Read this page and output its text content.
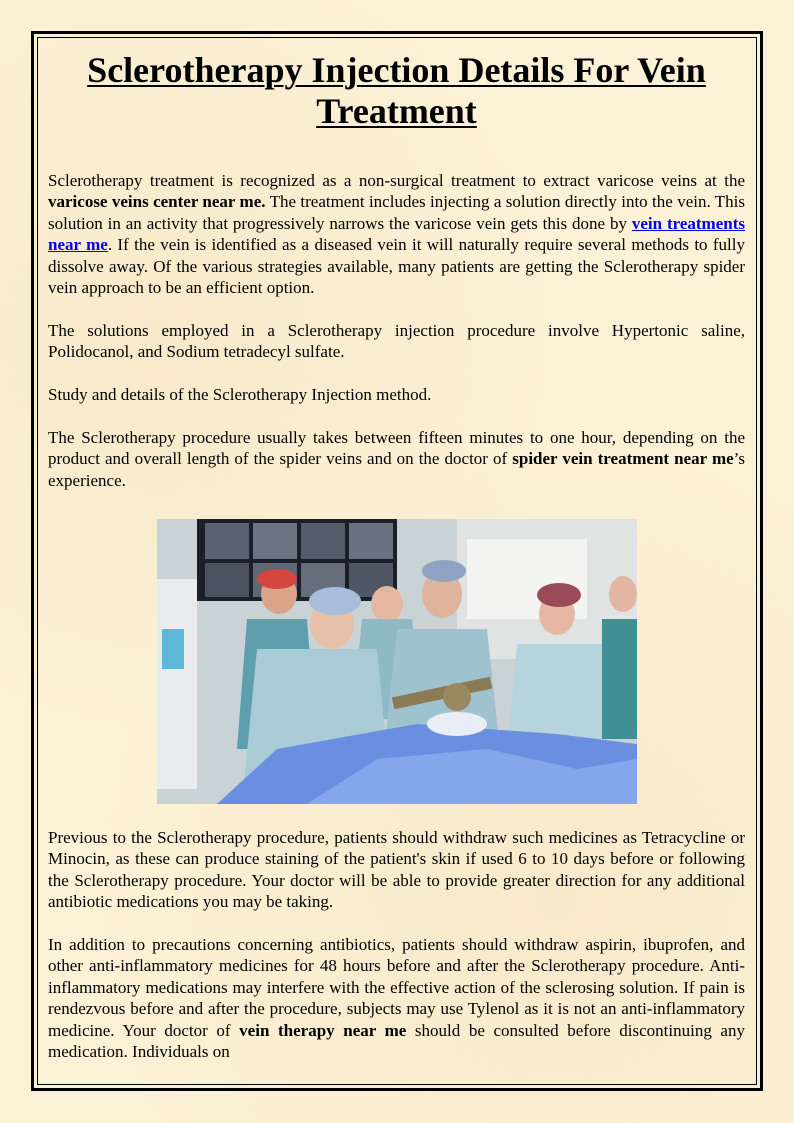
Sclerotherapy Injection Details For Vein Treatment

Sclerotherapy treatment is recognized as a non-surgical treatment to extract varicose veins at the varicose veins center near me. The treatment includes injecting a solution directly into the vein. This solution in an activity that progressively narrows the varicose vein gets this done by vein treatments near me. If the vein is identified as a diseased vein it will naturally require several methods to fully dissolve away. Of the various strategies available, many patients are getting the Sclerotherapy spider vein approach to be an efficient option.

The solutions employed in a Sclerotherapy injection procedure involve Hypertonic saline, Polidocanol, and Sodium tetradecyl sulfate.

Study and details of the Sclerotherapy Injection method.

The Sclerotherapy procedure usually takes between fifteen minutes to one hour, depending on the product and overall length of the spider veins and on the doctor of spider vein treatment near me’s experience.

Previous to the Sclerotherapy procedure, patients should withdraw such medicines as Tetracycline or Minocin, as these can produce staining of the patient's skin if used 6 to 10 days before or following the Sclerotherapy procedure. Your doctor will be able to provide greater direction for any additional antibiotic medications you may be taking.

In addition to precautions concerning antibiotics, patients should withdraw aspirin, ibuprofen, and other anti-inflammatory medicines for 48 hours before and after the Sclerotherapy procedure. Anti-inflammatory medications may interfere with the effective action of the sclerosing solution. If pain is rendezvous before and after the procedure, subjects may use Tylenol as it is not an anti-inflammatory medicine. Your doctor of vein therapy near me should be consulted before discontinuing any medication. Individuals on
